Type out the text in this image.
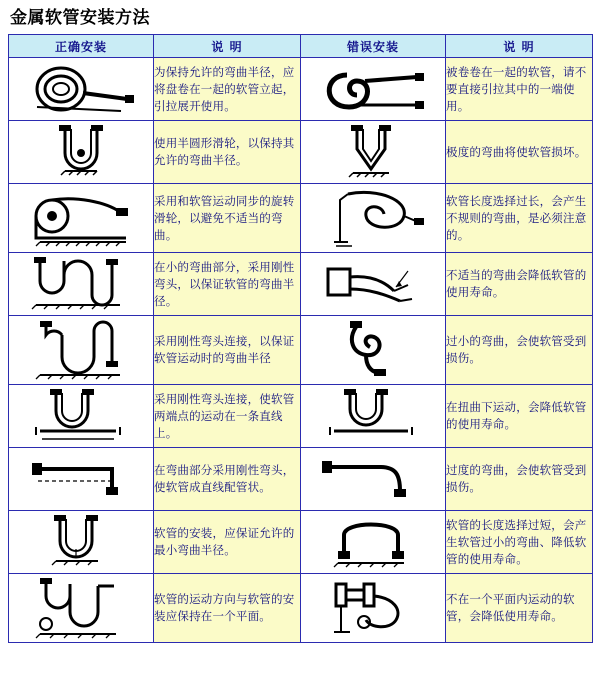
金属软管安装方法
正确安装	说 明	错误安装	说 明

	为保持允许的弯曲半径，应将盘卷在一起的软管立起，引拉展开使用。		被卷卷在一起的软管，请不要直接引拉其中的一端使用。

	使用半圆形滑轮，以保持其允许的弯曲半径。		极度的弯曲将使软管损坏。

	采用和软管运动同步的旋转滑轮，以避免不适当的弯曲。		软管长度选择过长，会产生不规则的弯曲，是必须注意的。

	在小的弯曲部分，采用刚性弯头，以保证软管的弯曲半径。		不适当的弯曲会降低软管的使用寿命。

	采用刚性弯头连接，以保证软管运动时的弯曲半径		过小的弯曲，会使软管受到损伤。

	采用刚性弯头连接，使软管两端点的运动在一条直线上。		在扭曲下运动，会降低软管的使用寿命。

	在弯曲部分采用刚性弯头，使软管成直线配管状。		过度的弯曲，会使软管受到损伤。

	软管的安装，应保证允许的最小弯曲半径。		软管的长度选择过短，会产生软管过小的弯曲、降低软管的使用寿命。

	软管的运动方向与软管的安装应保持在一个平面。		不在一个平面内运动的软管，会降低使用寿命。
